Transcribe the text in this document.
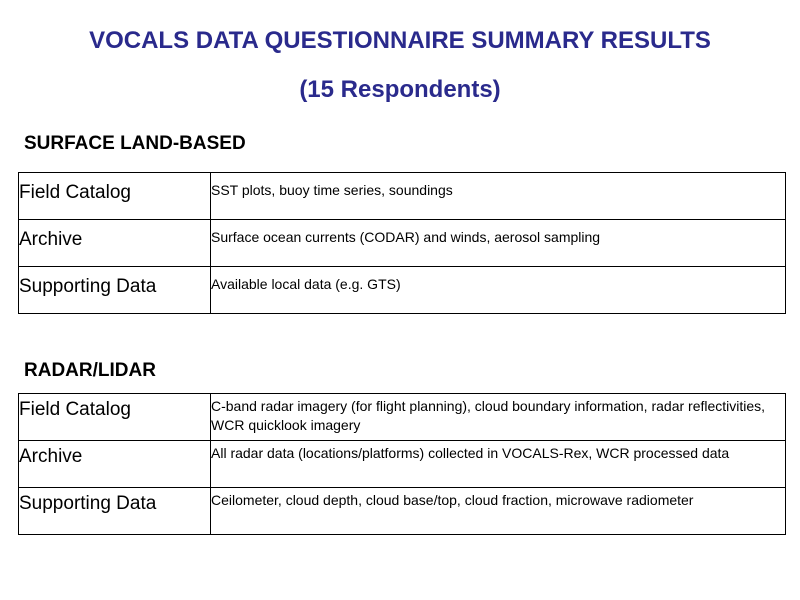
VOCALS DATA QUESTIONNAIRE SUMMARY RESULTS
(15 Respondents)
SURFACE LAND-BASED
Field Catalog	SST plots, buoy time series, soundings
Archive	Surface ocean currents (CODAR) and winds, aerosol sampling
Supporting Data	Available local data (e.g. GTS)
RADAR/LIDAR
Field Catalog	C-band radar imagery (for flight planning), cloud boundary information, radar reflectivities, WCR quicklook imagery
Archive	All radar data (locations/platforms) collected in VOCALS-Rex, WCR processed data
Supporting Data	Ceilometer, cloud depth, cloud base/top, cloud fraction, microwave radiometer
